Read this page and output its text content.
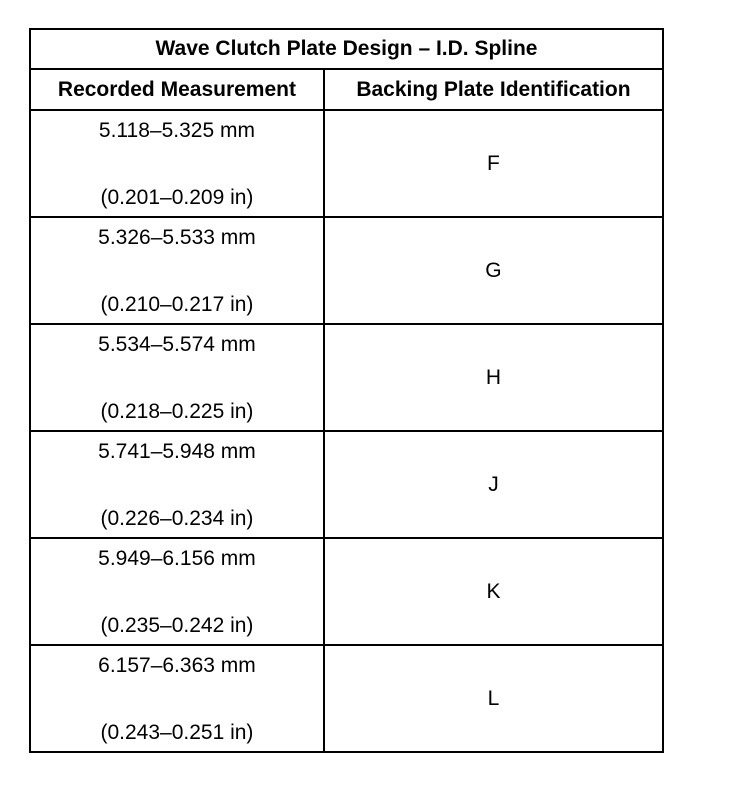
Wave Clutch Plate Design – I.D. Spline	
Recorded Measurement	Backing Plate Identification

5.118–5.325 mm
(0.201–0.209 in)	F

5.326–5.533 mm
(0.210–0.217 in)	G

5.534–5.574 mm
(0.218–0.225 in)	H

5.741–5.948 mm
(0.226–0.234 in)	J

5.949–6.156 mm
(0.235–0.242 in)	K

6.157–6.363 mm
(0.243–0.251 in)	L
